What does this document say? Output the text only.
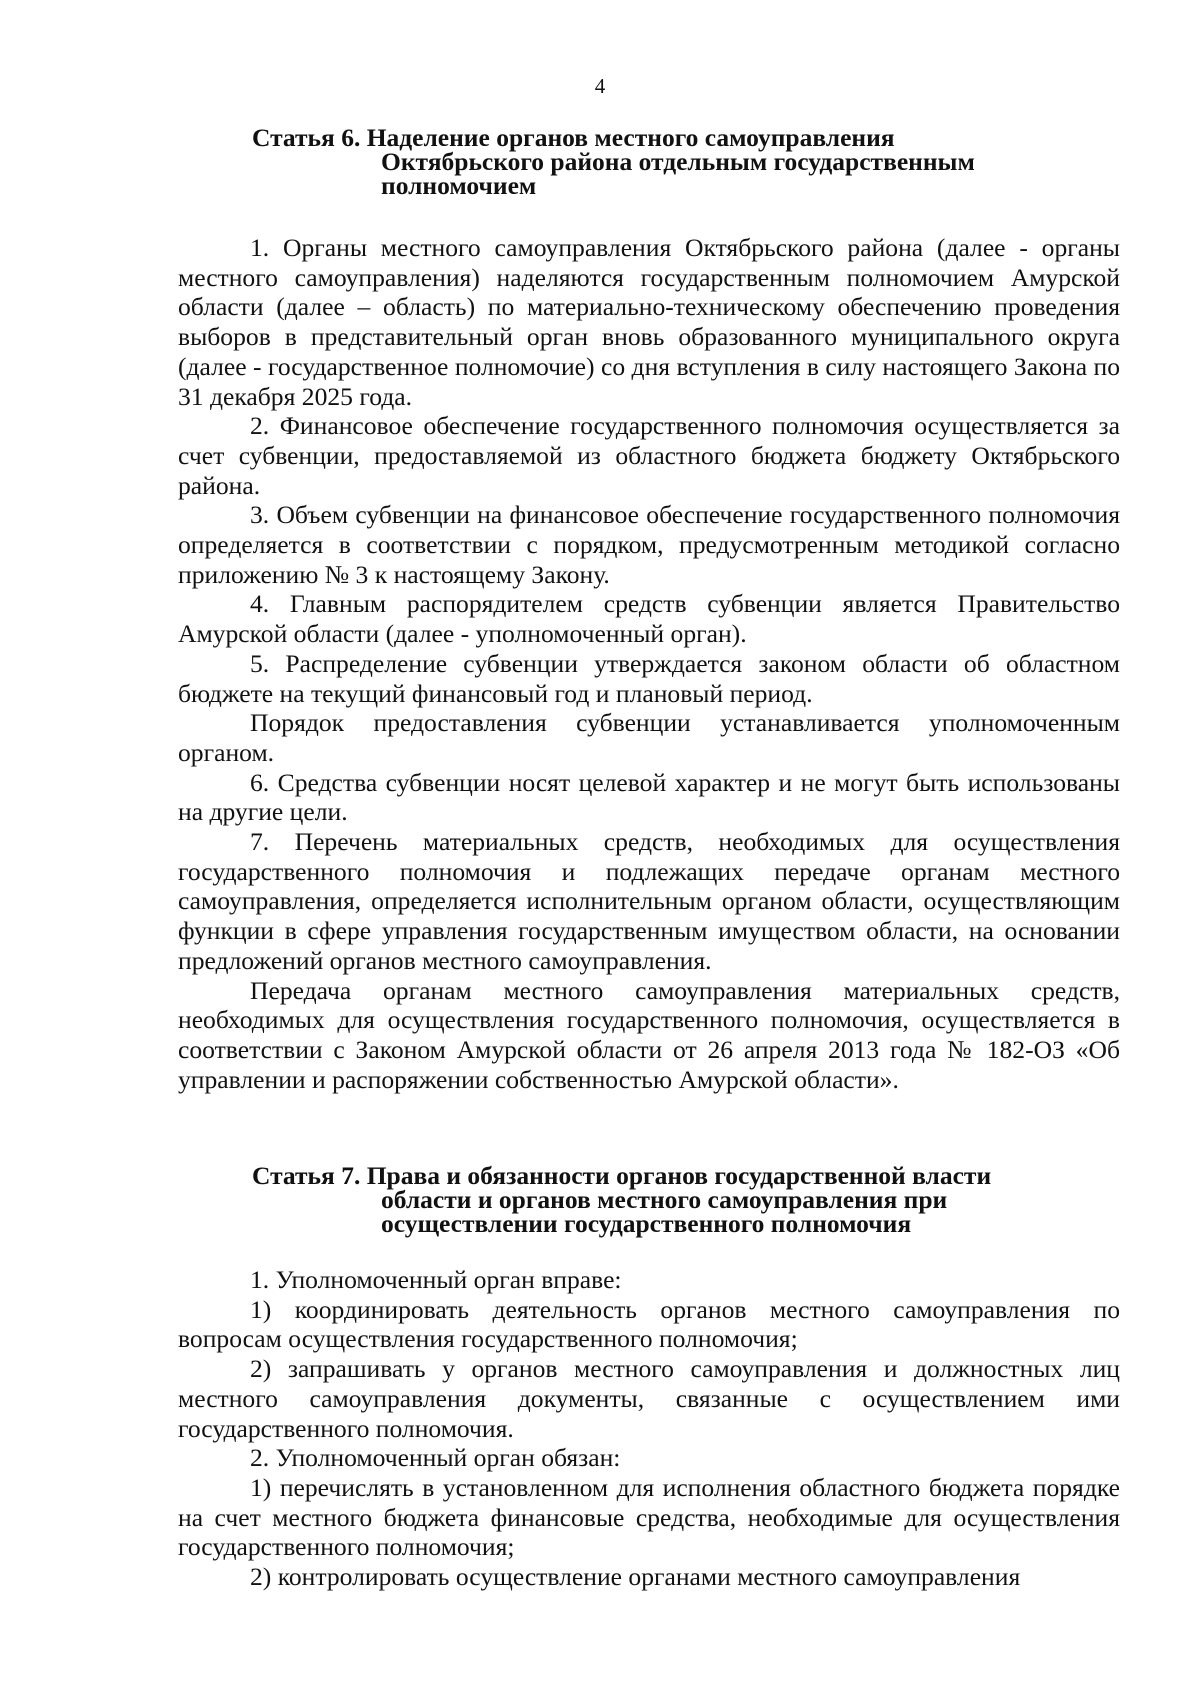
4
Статья 6. Наделение органов местного самоуправления
Октябрьского района отдельным государственным
полномочием

1. Органы местного самоуправления Октябрьского района (далее - органы местного самоуправления) наделяются государственным полномочием Амурской области (далее – область) по материально-техническому обеспечению проведения выборов в представительный орган вновь образованного муниципального округа (далее - государственное полномочие) со дня вступления в силу настоящего Закона по 31 декабря 2025 года.

2. Финансовое обеспечение государственного полномочия осуществляется за счет субвенции, предоставляемой из областного бюджета бюджету Октябрьского района.

3. Объем субвенции на финансовое обеспечение государственного полномочия определяется в соответствии с порядком, предусмотренным методикой согласно приложению № 3 к настоящему Закону.

4. Главным распорядителем средств субвенции является Правительство Амурской области (далее - уполномоченный орган).

5. Распределение субвенции утверждается законом области об областном бюджете на текущий финансовый год и плановый период.

Порядок предоставления субвенции устанавливается уполномоченным органом.

6. Средства субвенции носят целевой характер и не могут быть использованы на другие цели.

7. Перечень материальных средств, необходимых для осуществления государственного полномочия и подлежащих передаче органам местного самоуправления, определяется исполнительным органом области, осуществляющим функции в сфере управления государственным имуществом области, на основании предложений органов местного самоуправления.

Передача органам местного самоуправления материальных средств, необходимых для осуществления государственного полномочия, осуществляется в соответствии с Законом Амурской области от 26 апреля 2013 года № 182-ОЗ «Об управлении и распоряжении собственностью Амурской области».

Статья 7. Права и обязанности органов государственной власти
области и органов местного самоуправления при
осуществлении государственного полномочия

1. Уполномоченный орган вправе:

1) координировать деятельность органов местного самоуправления по вопросам осуществления государственного полномочия;

2) запрашивать у органов местного самоуправления и должностных лиц местного самоуправления документы, связанные с осуществлением ими государственного полномочия.

2. Уполномоченный орган обязан:

1) перечислять в установленном для исполнения областного бюджета порядке на счет местного бюджета финансовые средства, необходимые для осуществления государственного полномочия;

2) контролировать осуществление органами местного самоуправления
